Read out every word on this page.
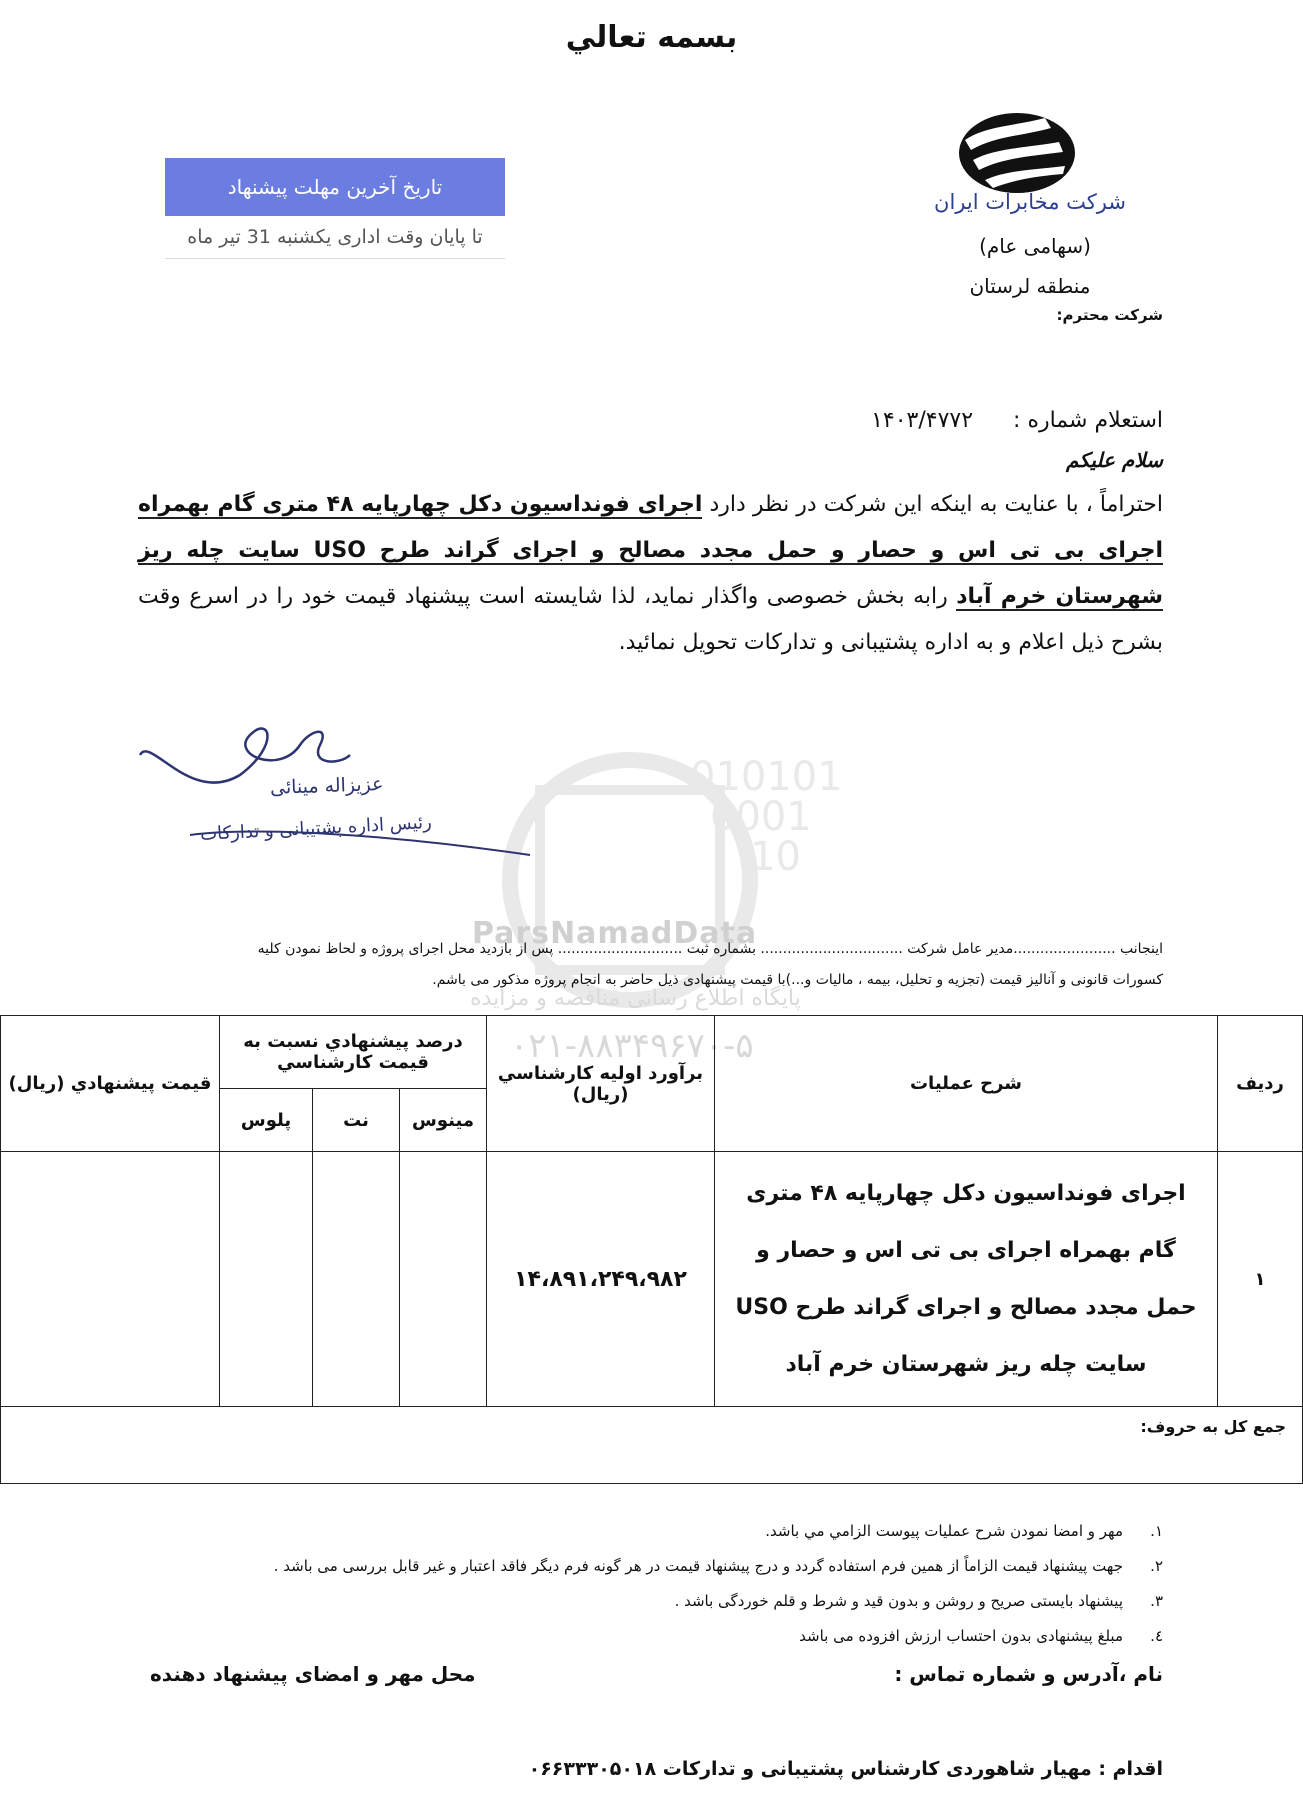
بسمه تعالي
تاریخ آخرین مهلت پیشنهاد
تا پایان وقت اداری یکشنبه 31 تیر ماه
شرکت مخابرات ایران
(سهامی عام)
منطقه لرستان
شرکت محترم:
استعلام شماره :
۱۴۰۳/۴۷۷۲
سلام علیکم
احتراماً ، با عنایت به اینکه این شرکت در نظر دارد اجرای فونداسیون دکل چهارپایه ۴۸ متری گام بهمراه اجرای بی تی اس و حصار و حمل مجدد مصالح و اجرای گراند طرح USO سایت چله ریز شهرستان خرم آباد رابه بخش خصوصی واگذار نماید، لذا شایسته است پیشنهاد قیمت خود را در اسرع وقت بشرح ذیل اعلام و به اداره پشتیبانی و تدارکات تحویل نمائید.
010101
0001
10
ParsNamadData
پایگاه اطلاع رسانی مناقصه و مزایده
۰۲۱-۸۸۳۴۹۶۷۰-۵
عزیزاله مینائی
رئیس اداره پشتیبانی و تدارکات
اینجانب .......................مدیر عامل شرکت ................................ بشماره ثبت ............................ پس از بازدید محل اجرای پروژه و لحاظ نمودن کلیه
کسورات قانونی و آنالیز قیمت (تجزیه و تحلیل، بیمه ، مالیات و...)با قیمت پیشنهادی ذیل حاضر به انجام پروژه مذکور می باشم.
رديف	شرح عمليات	برآورد اوليه كارشناسي (ريال)	درصد پيشنهادي نسبت به قيمت كارشناسي			قيمت پيشنهادي (ريال)
			مينوس	نت	پلوس	
۱	اجرای فونداسیون دکل چهارپایه ۴۸ متری گام بهمراه اجرای بی تی اس و حصار و حمل مجدد مصالح و اجرای گراند طرح USO سایت چله ریز شهرستان خرم آباد	۱۴،۸۹۱،۲۴۹،۹۸۲				
جمع کل به حروف:						
۱.
مهر و امضا نمودن شرح عمليات پيوست الزامي مي باشد.
۲.
جهت پيشنهاد قيمت الزاماً از همين فرم استفاده گردد و درج پيشنهاد قيمت در هر گونه فرم ديگر فاقد اعتبار و غير قابل بررسی می باشد .
۳.
پيشنهاد بايستی صريح و روشن و بدون قيد و شرط و قلم خوردگی باشد .
٤.
مبلغ پيشنهادی بدون احتساب ارزش افزوده می باشد
نام ،آدرس و شماره تماس :
محل مهر و امضای پیشنهاد دهنده
اقدام : مهیار شاهوردی کارشناس پشتیبانی و تدارکات ۰۶۶۳۳۳۰۵۰۱۸
